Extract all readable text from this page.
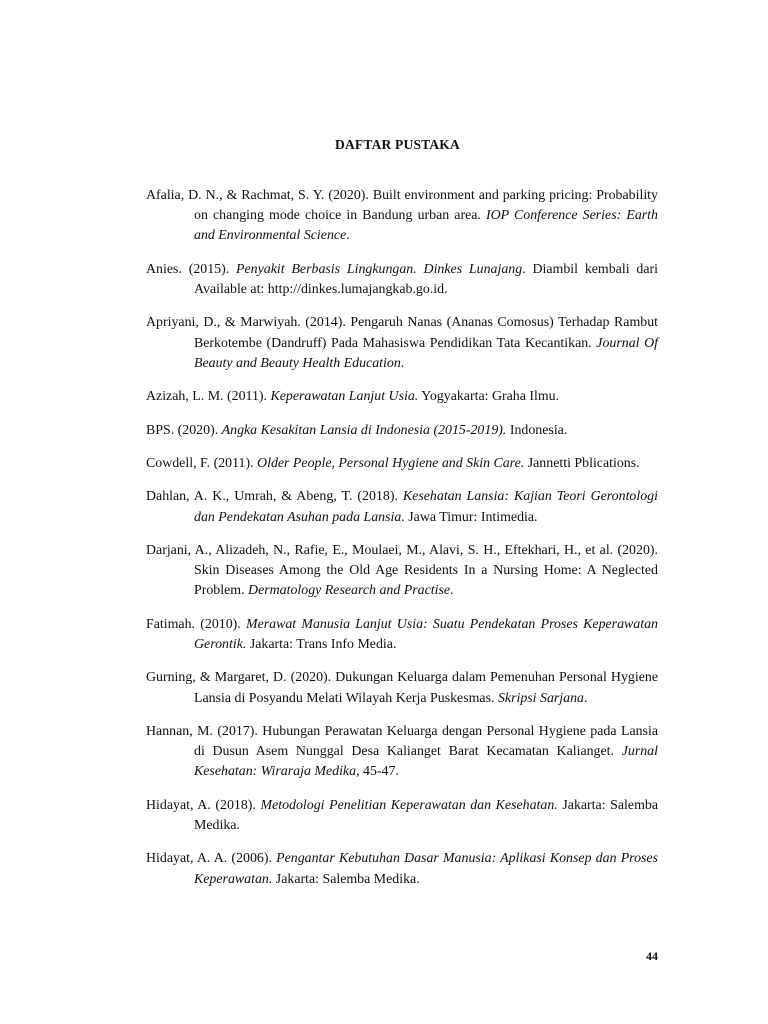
DAFTAR PUSTAKA

Afalia, D. N., & Rachmat, S. Y. (2020). Built environment and parking pricing: Probability on changing mode choice in Bandung urban area. IOP Conference Series: Earth and Environmental Science.

Anies. (2015). Penyakit Berbasis Lingkungan. Dinkes Lunajang. Diambil kembali dari Available at: http://dinkes.lumajangkab.go.id.

Apriyani, D., & Marwiyah. (2014). Pengaruh Nanas (Ananas Comosus) Terhadap Rambut Berkotembe (Dandruff) Pada Mahasiswa Pendidikan Tata Kecantikan. Journal Of Beauty and Beauty Health Education.

Azizah, L. M. (2011). Keperawatan Lanjut Usia. Yogyakarta: Graha Ilmu.

BPS. (2020). Angka Kesakitan Lansia di Indonesia (2015-2019). Indonesia.

Cowdell, F. (2011). Older People, Personal Hygiene and Skin Care. Jannetti Pblications.

Dahlan, A. K., Umrah, & Abeng, T. (2018). Kesehatan Lansia: Kajian Teori Gerontologi dan Pendekatan Asuhan pada Lansia. Jawa Timur: Intimedia.

Darjani, A., Alizadeh, N., Rafie, E., Moulaei, M., Alavi, S. H., Eftekhari, H., et al. (2020). Skin Diseases Among the Old Age Residents In a Nursing Home: A Neglected Problem. Dermatology Research and Practise.

Fatimah. (2010). Merawat Manusia Lanjut Usia: Suatu Pendekatan Proses Keperawatan Gerontik. Jakarta: Trans Info Media.

Gurning, & Margaret, D. (2020). Dukungan Keluarga dalam Pemenuhan Personal Hygiene Lansia di Posyandu Melati Wilayah Kerja Puskesmas. Skripsi Sarjana.

Hannan, M. (2017). Hubungan Perawatan Keluarga dengan Personal Hygiene pada Lansia di Dusun Asem Nunggal Desa Kalianget Barat Kecamatan Kalianget. Jurnal Kesehatan: Wiraraja Medika, 45-47.

Hidayat, A. (2018). Metodologi Penelitian Keperawatan dan Kesehatan. Jakarta: Salemba Medika.

Hidayat, A. A. (2006). Pengantar Kebutuhan Dasar Manusia: Aplikasi Konsep dan Proses Keperawatan. Jakarta: Salemba Medika.

44
